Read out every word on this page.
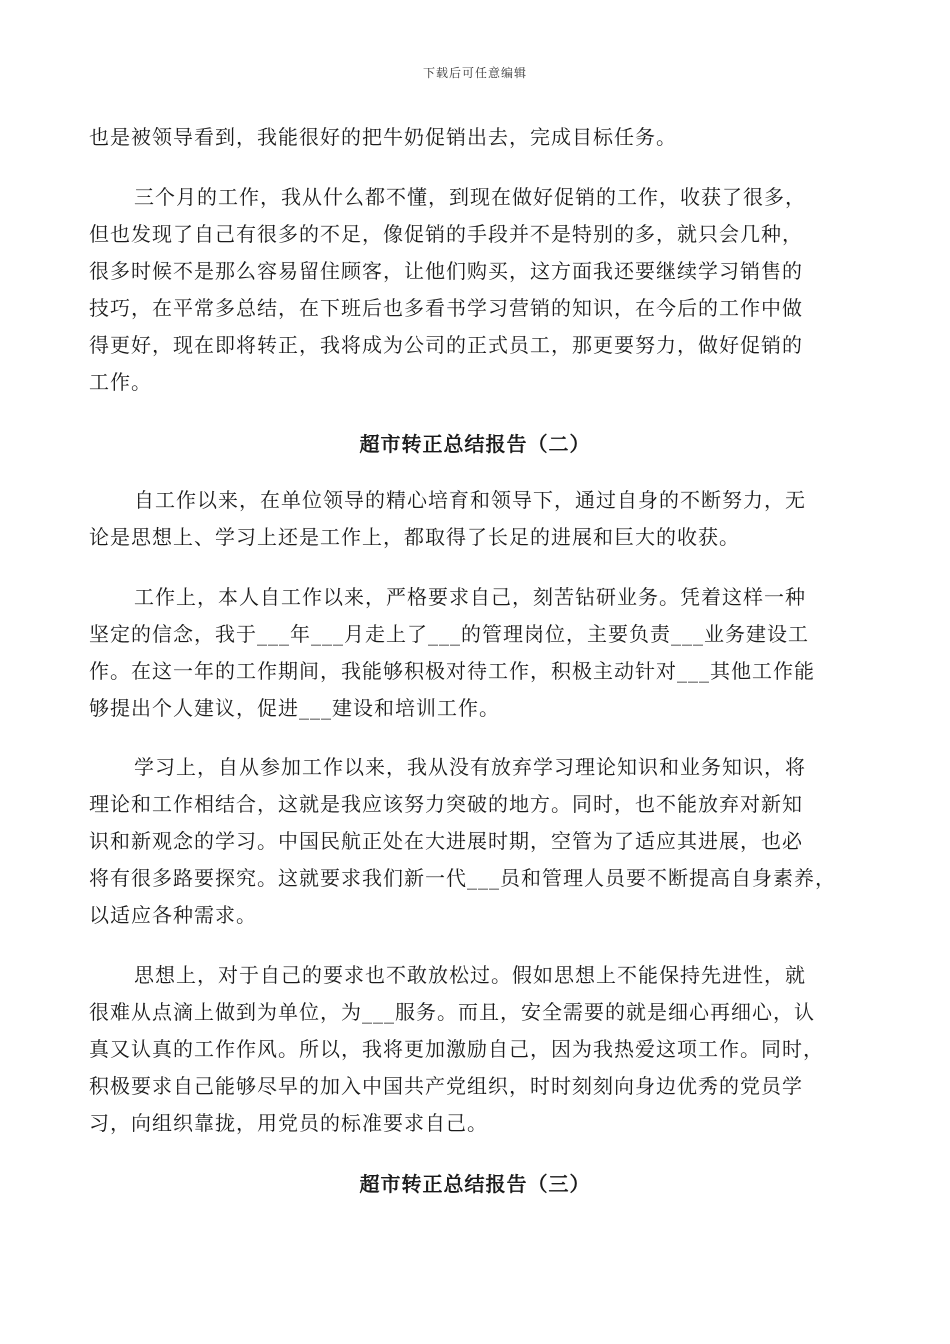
下载后可任意编辑
也是被领导看到，我能很好的把牛奶促销出去，完成目标任务。
三个月的工作，我从什么都不懂，到现在做好促销的工作，收获了很多，
但也发现了自己有很多的不足，像促销的手段并不是特别的多，就只会几种，
很多时候不是那么容易留住顾客，让他们购买，这方面我还要继续学习销售的
技巧，在平常多总结，在下班后也多看书学习营销的知识，在今后的工作中做
得更好，现在即将转正，我将成为公司的正式员工，那更要努力，做好促销的
工作。
超市转正总结报告（二）
自工作以来，在单位领导的精心培育和领导下，通过自身的不断努力，无
论是思想上、学习上还是工作上，都取得了长足的进展和巨大的收获。
工作上，本人自工作以来，严格要求自己，刻苦钻研业务。凭着这样一种
坚定的信念，我于___年___月走上了___的管理岗位，主要负责___业务建设工
作。在这一年的工作期间，我能够积极对待工作，积极主动针对___其他工作能
够提出个人建议，促进___建设和培训工作。
学习上，自从参加工作以来，我从没有放弃学习理论知识和业务知识，将
理论和工作相结合，这就是我应该努力突破的地方。同时，也不能放弃对新知
识和新观念的学习。中国民航正处在大进展时期，空管为了适应其进展，也必
将有很多路要探究。这就要求我们新一代___员和管理人员要不断提高自身素养，
以适应各种需求。
思想上，对于自己的要求也不敢放松过。假如思想上不能保持先进性，就
很难从点滴上做到为单位，为___服务。而且，安全需要的就是细心再细心，认
真又认真的工作作风。所以，我将更加激励自己，因为我热爱这项工作。同时，
积极要求自己能够尽早的加入中国共产党组织，时时刻刻向身边优秀的党员学
习，向组织靠拢，用党员的标准要求自己。
超市转正总结报告（三）
